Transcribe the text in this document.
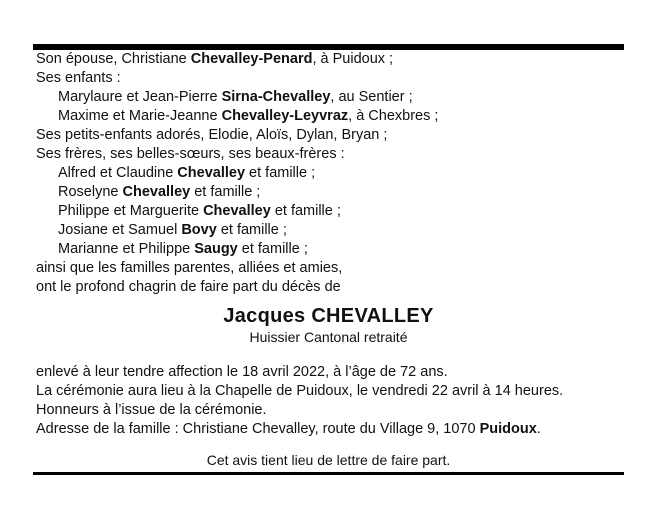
Son épouse, Christiane Chevalley-Penard, à Puidoux ;
Ses enfants :
Marylaure et Jean-Pierre Sirna-Chevalley, au Sentier ;
Maxime et Marie-Jeanne Chevalley-Leyvraz, à Chexbres ;
Ses petits-enfants adorés, Elodie, Aloïs, Dylan, Bryan ;
Ses frères, ses belles-sœurs, ses beaux-frères :
Alfred et Claudine Chevalley et famille ;
Roselyne Chevalley et famille ;
Philippe et Marguerite Chevalley et famille ;
Josiane et Samuel Bovy et famille ;
Marianne et Philippe Saugy et famille ;
ainsi que les familles parentes, alliées et amies,
ont le profond chagrin de faire part du décès de
Jacques CHEVALLEY
Huissier Cantonal retraité
enlevé à leur tendre affection le 18 avril 2022, à l’âge de 72 ans.
La cérémonie aura lieu à la Chapelle de Puidoux, le vendredi 22 avril à 14 heures.
Honneurs à l’issue de la cérémonie.
Adresse de la famille : Christiane Chevalley, route du Village 9, 1070 Puidoux.
Cet avis tient lieu de lettre de faire part.
